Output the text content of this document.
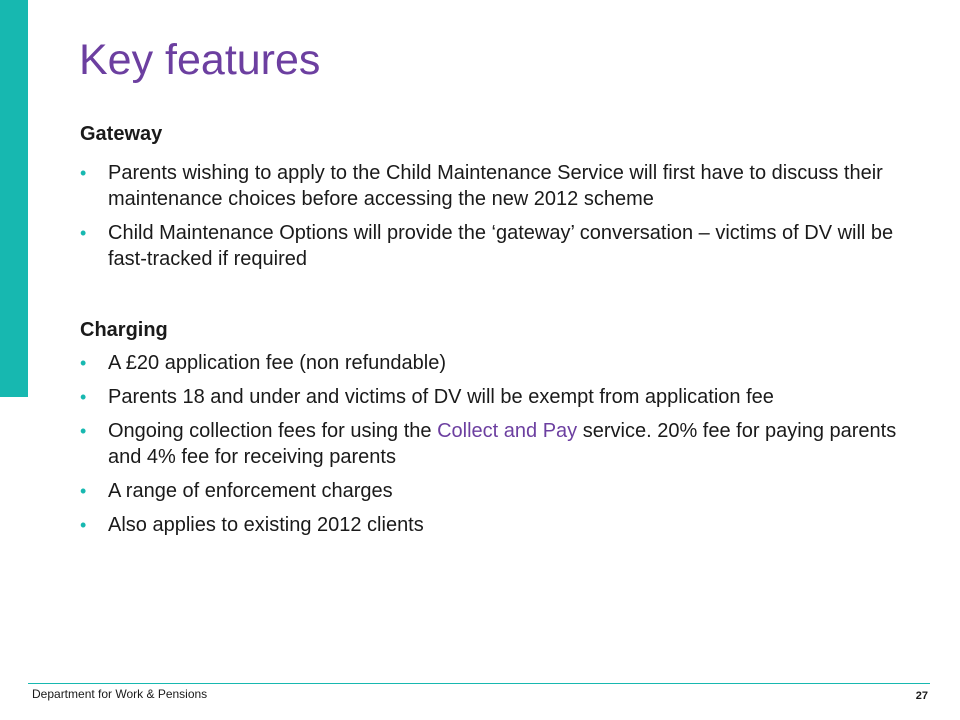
Key features
Gateway
• Parents wishing to apply to the Child Maintenance Service will first have to discuss their maintenance choices before accessing the new 2012 scheme
• Child Maintenance Options will provide the ‘gateway’ conversation – victims of DV will be fast-tracked if required
Charging
• A £20 application fee (non refundable)
• Parents 18 and under and victims of DV will be exempt from application fee
• Ongoing collection fees for using the Collect and Pay service. 20% fee for paying parents and 4% fee for receiving parents
• A range of enforcement charges
• Also applies to existing 2012 clients
Department for Work & Pensions	27
